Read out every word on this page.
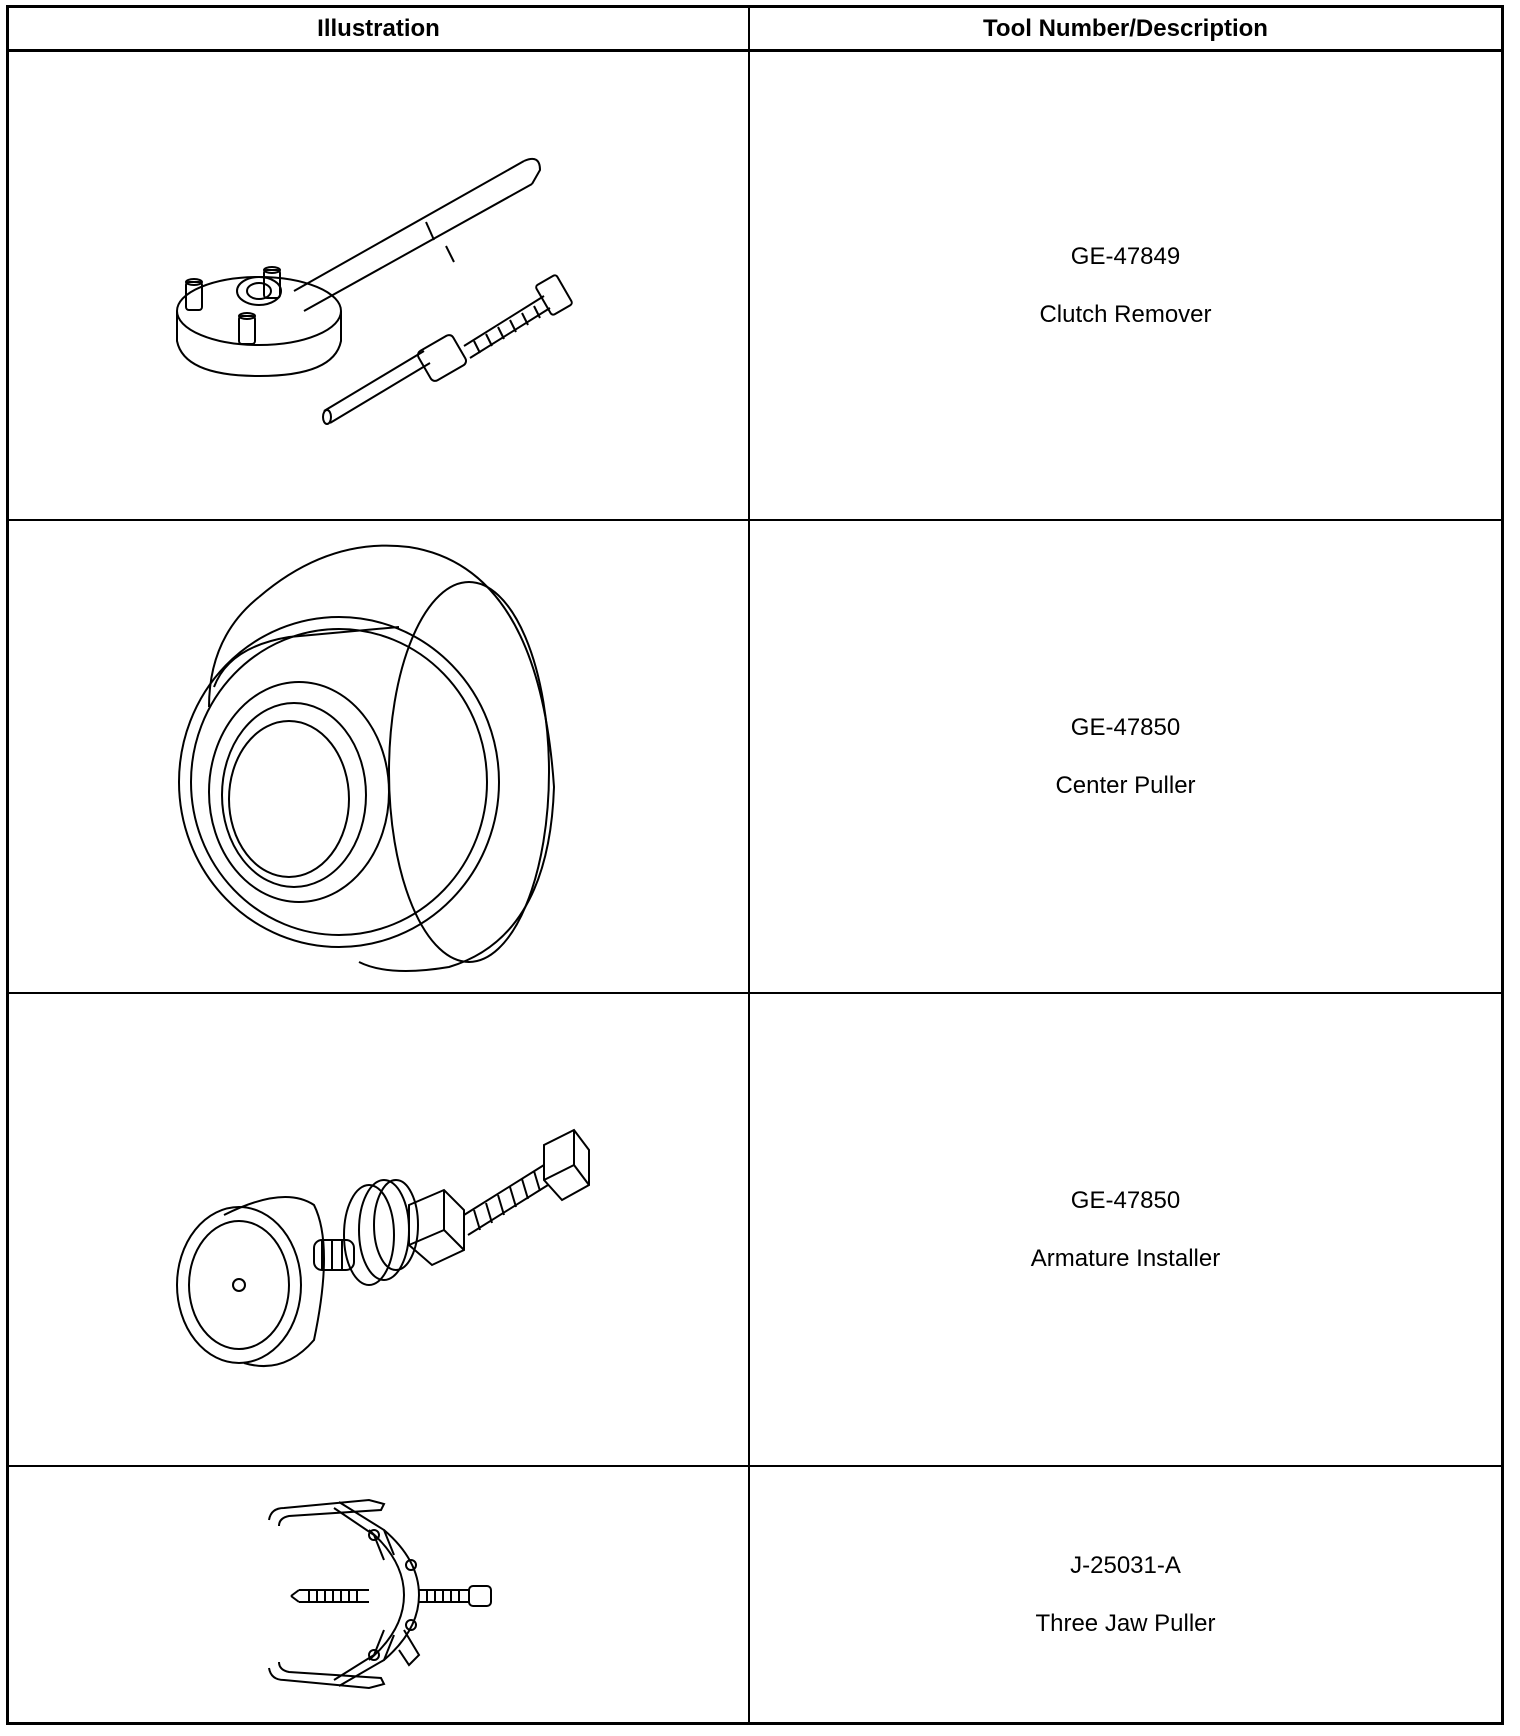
Illustration	Tool Number/Description
GE-47849
Clutch Remover
GE-47850
Center Puller
GE-47850
Armature Installer
J-25031-A
Three Jaw Puller
